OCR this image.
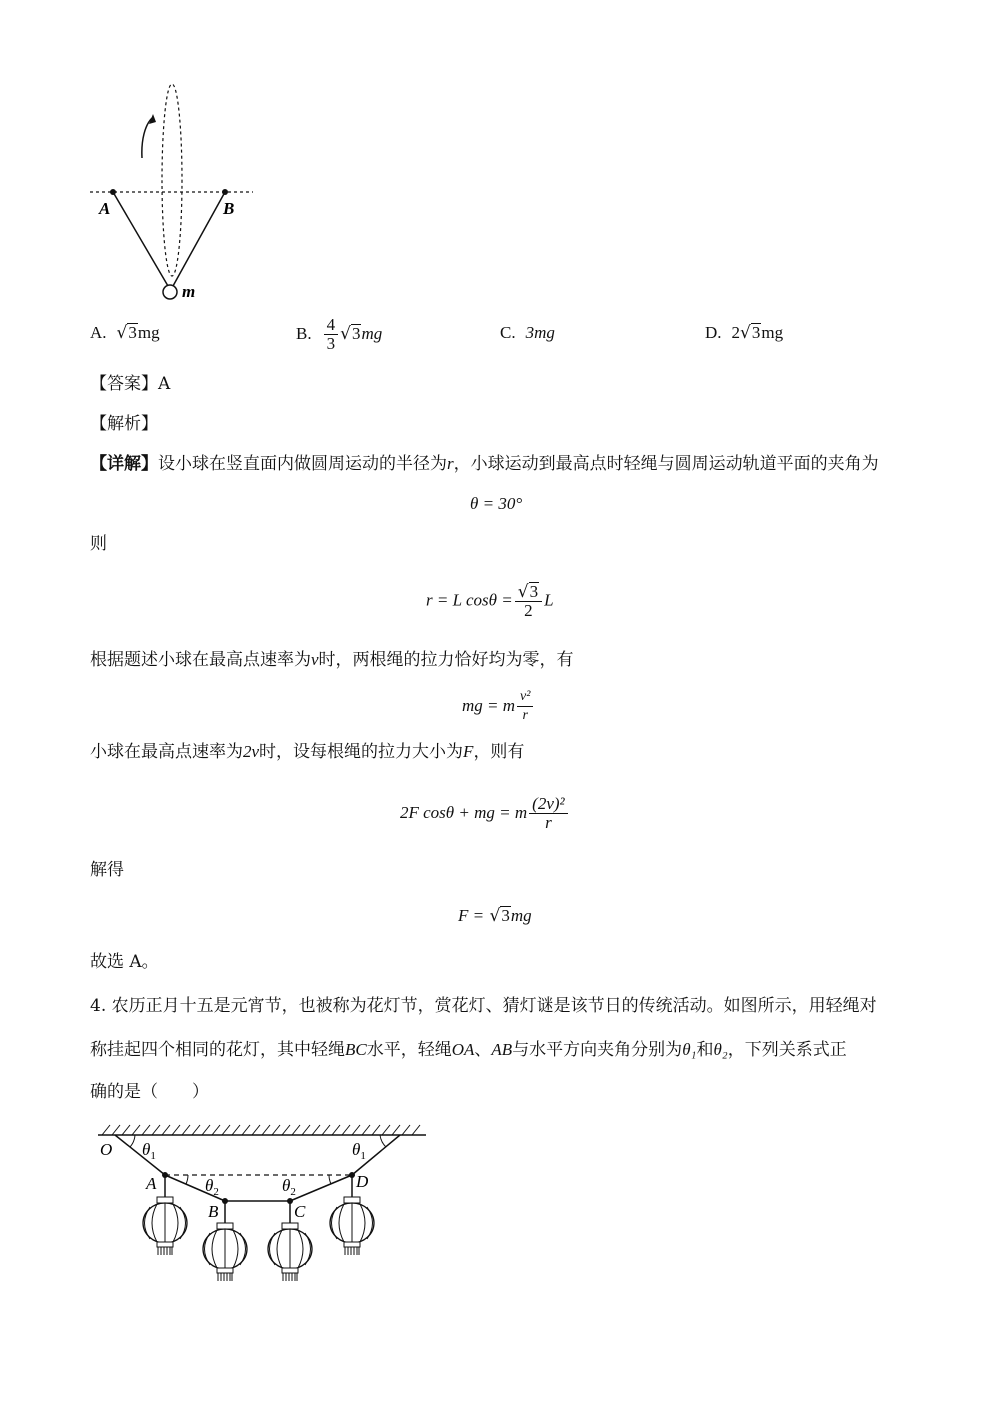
A	B
m
A. √3mg	B. $\frac{4}{3} √3mg$	C. 3mg	D. 2√3mg
【答案】A
【解析】
【详解】设小球在竖直面内做圆周运动的半径为r，小球运动到最高点时轻绳与圆周运动轨道平面的夹角为
θ = 30°
则
r = L $\cos\theta = \frac{√3}{2}$ L
根据题述小球在最高点速率为v时，两根绳的拉力恰好均为零，有
mg = m $\frac{\text{v²}}{r}$
小球在最高点速率为2v时，设每根绳的拉力大小为F，则有
2F cosθ + mg = m $\frac{\text{(2v)²}}{r}$
解得
F = √3mg
故选 A。
4. 农历正月十五是元宵节，也被称为花灯节，赏花灯、猜灯谜是该节日的传统活动。如图所示，用轻绳对
称挂起四个相同的花灯，其中轻绳BC水平，轻绳OA、AB与水平方向夹角分别为θ₁和θ₂，下列关系式正
确的是（　　）
O
A
B	C
D
$\theta_1$	$\theta_1$
$\theta_2$	$\theta_2$
